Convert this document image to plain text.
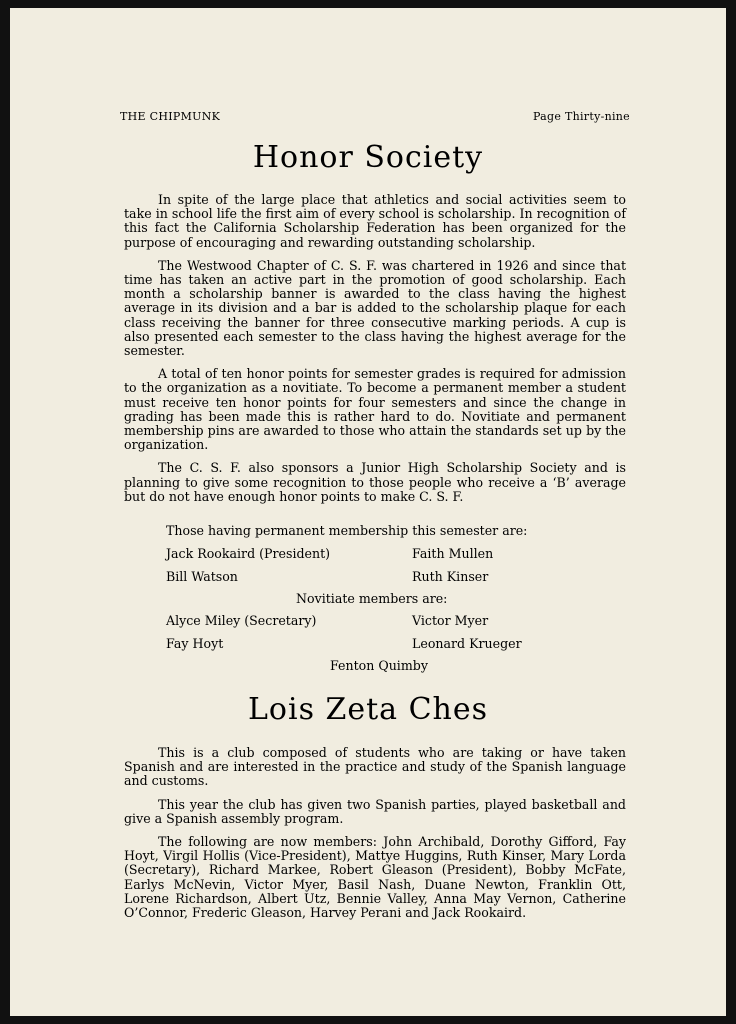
THE CHIPMUNK	Page Thirty-nine
Honor Society

In spite of the large place that athletics and social activities seem to take in school life the first aim of every school is scholarship. In recognition of this fact the California Scholarship Federation has been organized for the purpose of encouraging and rewarding outstanding scholarship.

The Westwood Chapter of C. S. F. was chartered in 1926 and since that time has taken an active part in the promotion of good scholarship. Each month a scholarship banner is awarded to the class having the highest average in its division and a bar is added to the scholarship plaque for each class receiving the banner for three consecutive marking periods. A cup is also presented each semester to the class having the highest average for the semester.

A total of ten honor points for semester grades is required for admission to the organization as a novitiate. To become a permanent member a student must receive ten honor points for four semesters and since the change in grading has been made this is rather hard to do. Novitiate and permanent membership pins are awarded to those who attain the standards set up by the organization.

The C. S. F. also sponsors a Junior High Scholarship Society and is planning to give some recognition to those people who receive a ‘B’ average but do not have enough honor points to make C. S. F.

Those having permanent membership this semester are:
Jack Rookaird (President)	Faith Mullen
Bill Watson	Ruth Kinser
Novitiate members are:
Alyce Miley (Secretary)	Victor Myer
Fay Hoyt	Leonard Krueger
Fenton Quimby
Lois Zeta Ches

This is a club composed of students who are taking or have taken Spanish and are interested in the practice and study of the Spanish language and customs.

This year the club has given two Spanish parties, played basketball and give a Spanish assembly program.

The following are now members: John Archibald, Dorothy Gifford, Fay Hoyt, Virgil Hollis (Vice-President), Mattye Huggins, Ruth Kinser, Mary Lorda (Secretary), Richard Markee, Robert Gleason (President), Bobby McFate, Earlys McNevin, Victor Myer, Basil Nash, Duane Newton, Franklin Ott, Lorene Richardson, Albert Utz, Bennie Valley, Anna May Vernon, Catherine O’Connor, Frederic Gleason, Harvey Perani and Jack Rookaird.
